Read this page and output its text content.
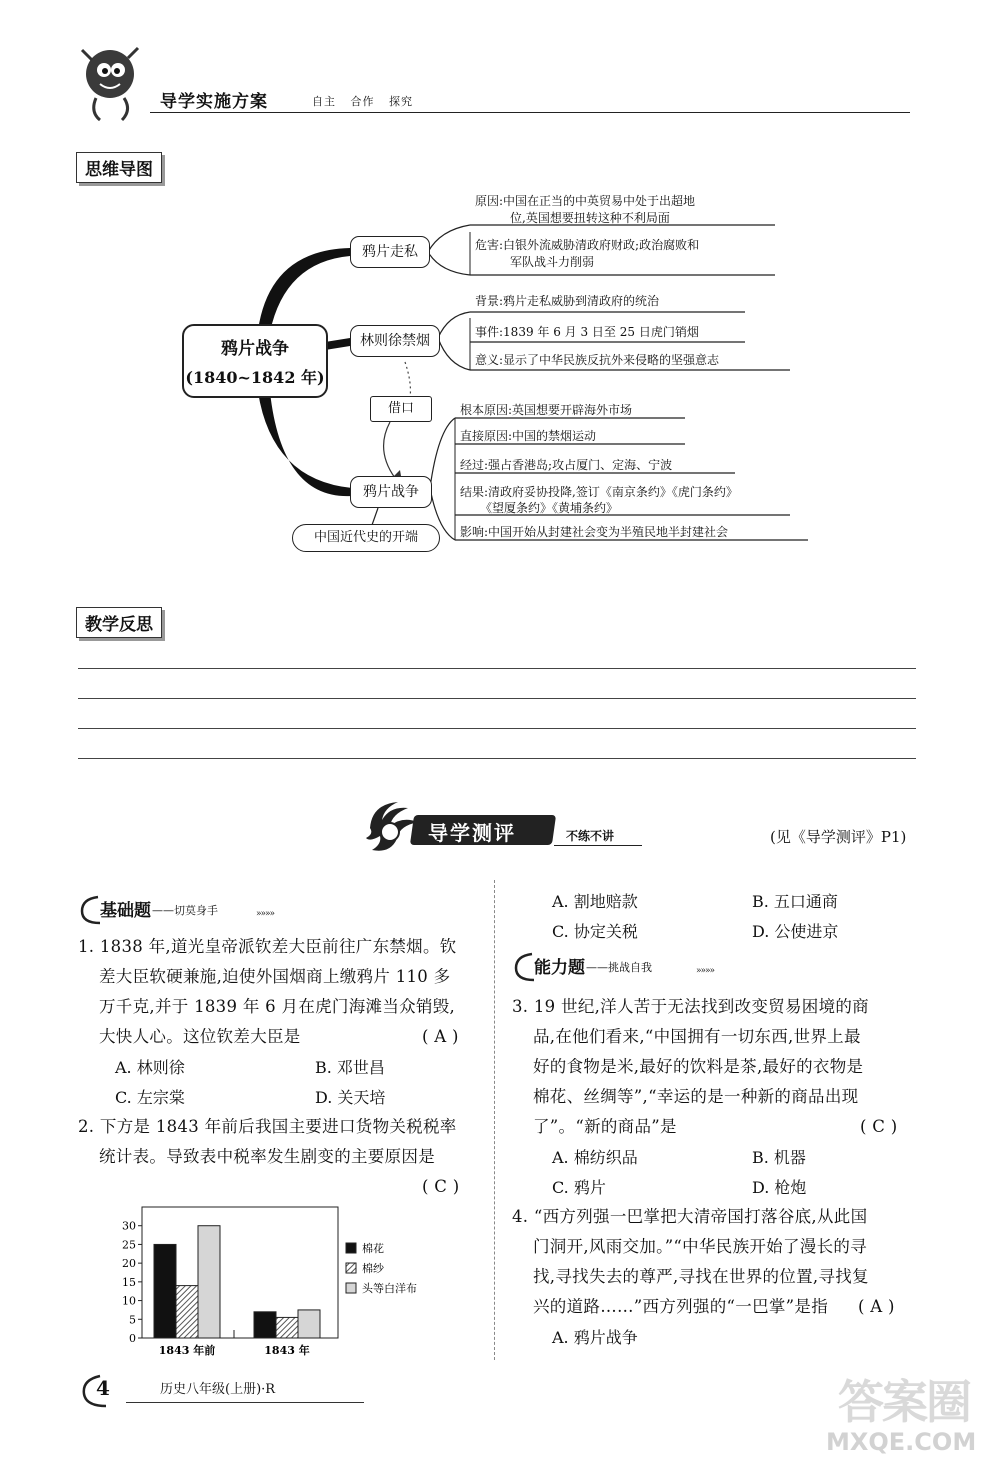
导学实施方案	自主 合作 探究
思维导图
鸦片战争
(1840~1842 年)
鸦片走私
林则徐禁烟
借口
鸦片战争
中国近代史的开端
原因:中国在正当的中英贸易中处于出超地
位,英国想要扭转这种不利局面
危害:白银外流威胁清政府财政;政治腐败和
军队战斗力削弱
背景:鸦片走私威胁到清政府的统治
事件:1839 年 6 月 3 日至 25 日虎门销烟
意义:显示了中华民族反抗外来侵略的坚强意志
根本原因:英国想要开辟海外市场
直接原因:中国的禁烟运动
经过:强占香港岛;攻占厦门、定海、宁波
结果:清政府妥协投降,签订《南京条约》《虎门条约》
《望厦条约》《黄埔条约》
影响:中国开始从封建社会变为半殖民地半封建社会
教学反思
导学测评	不练不讲	(见《导学测评》P1)
基础题 ——切莫身手	»»»»
1. 1838 年,道光皇帝派钦差大臣前往广东禁烟。钦
差大臣软硬兼施,迫使外国烟商上缴鸦片 110 多
万千克,并于 1839 年 6 月在虎门海滩当众销毁,
大快人心。这位钦差大臣是	( A )
A. 林则徐	B. 邓世昌
C. 左宗棠	D. 关天培
2. 下方是 1843 年前后我国主要进口货物关税税率
统计表。导致表中税率发生剧变的主要原因是
( C )
0
5
10
15
20
25
30
1843 年前	1843 年
棉花
棉纱
头等白洋布
A. 割地赔款	B. 五口通商
C. 协定关税	D. 公使进京
能力题 ——挑战自我	»»»»
3. 19 世纪,洋人苦于无法找到改变贸易困境的商
品,在他们看来,“中国拥有一切东西,世界上最
好的食物是米,最好的饮料是茶,最好的衣物是
棉花、丝绸等”,“幸运的是一种新的商品出现
了”。“新的商品”是	( C )
A. 棉纺织品	B. 机器
C. 鸦片	D. 枪炮
4. “西方列强一巴掌把大清帝国打落谷底,从此国
门洞开,风雨交加。”“中华民族开始了漫长的寻
找,寻找失去的尊严,寻找在世界的位置,寻找复
兴的道路……”西方列强的“一巴掌”是指 ( A )
A. 鸦片战争
4	历史八年级(上册)·R	答案圈
MXQE.COM
